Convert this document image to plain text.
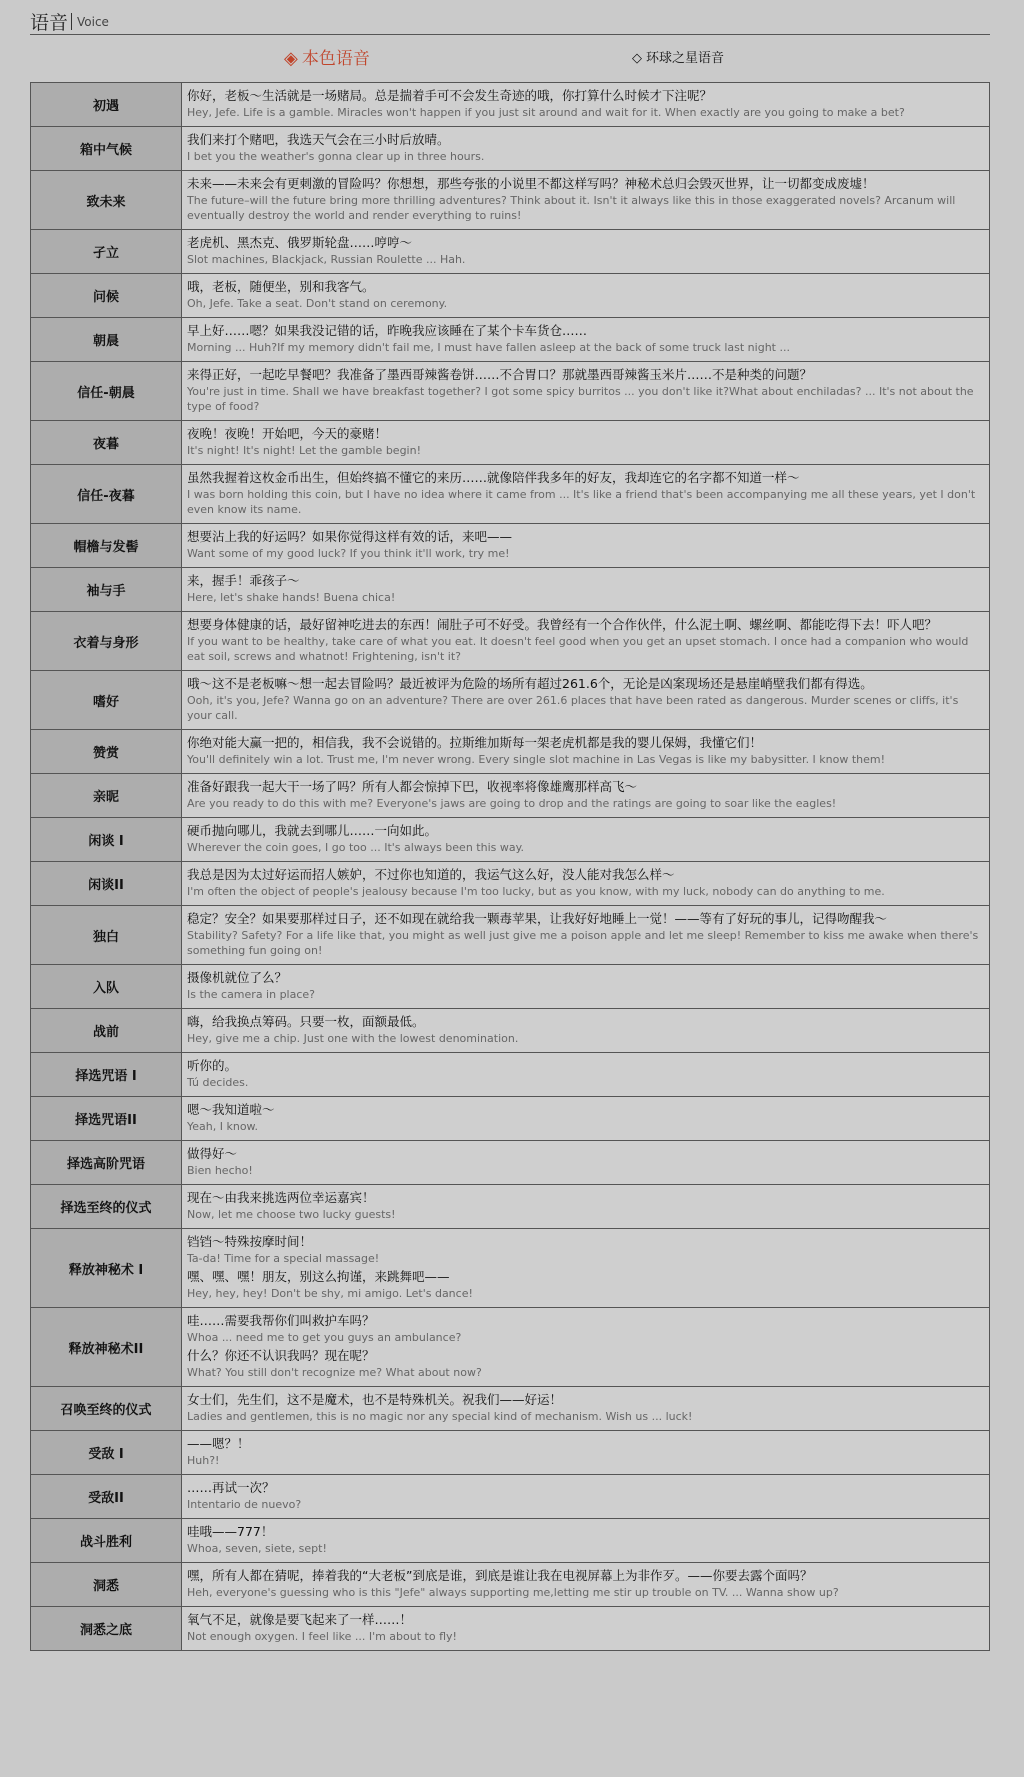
语音 Voice
◈ 本色语音	◇ 环球之星语音
初遇	你好，老板～生活就是一场赌局。总是揣着手可不会发生奇迹的哦，你打算什么时候才下注呢？
Hey, Jefe. Life is a gamble. Miracles won't happen if you just sit around and wait for it. When exactly are you going to make a bet?

箱中气候	我们来打个赌吧，我选天气会在三小时后放晴。
I bet you the weather's gonna clear up in three hours.

致未来	未来——未来会有更刺激的冒险吗？你想想，那些夸张的小说里不都这样写吗？神秘术总归会毁灭世界，让一切都变成废墟！
The future–will the future bring more thrilling adventures? Think about it. Isn't it always like this in those exaggerated novels? Arcanum will eventually destroy the world and render everything to ruins!

孑立	老虎机、黑杰克、俄罗斯轮盘……哼哼～
Slot machines, Blackjack, Russian Roulette ... Hah.

问候	哦，老板，随便坐，别和我客气。
Oh, Jefe. Take a seat. Don't stand on ceremony.

朝晨	早上好……嗯？如果我没记错的话，昨晚我应该睡在了某个卡车货仓……
Morning ... Huh?If my memory didn't fail me, I must have fallen asleep at the back of some truck last night ...

信任-朝晨	来得正好，一起吃早餐吧？我准备了墨西哥辣酱卷饼……不合胃口？那就墨西哥辣酱玉米片……不是种类的问题？
You're just in time. Shall we have breakfast together? I got some spicy burritos ... you don't like it?What about enchiladas? ... It's not about the type of food?

夜暮	夜晚！夜晚！开始吧，今天的豪赌！
It's night! It's night! Let the gamble begin!

信任-夜暮	虽然我握着这枚金币出生，但始终搞不懂它的来历……就像陪伴我多年的好友，我却连它的名字都不知道一样～
I was born holding this coin, but I have no idea where it came from ... It's like a friend that's been accompanying me all these years, yet I don't even know its name.

帽檐与发髻	想要沾上我的好运吗？如果你觉得这样有效的话，来吧——
Want some of my good luck? If you think it'll work, try me!

袖与手	来，握手！乖孩子～
Here, let's shake hands! Buena chica!

衣着与身形	想要身体健康的话，最好留神吃进去的东西！闹肚子可不好受。我曾经有一个合作伙伴，什么泥土啊、螺丝啊、都能吃得下去！吓人吧？
If you want to be healthy, take care of what you eat. It doesn't feel good when you get an upset stomach. I once had a companion who would eat soil, screws and whatnot! Frightening, isn't it?

嗜好	哦～这不是老板嘛～想一起去冒险吗？最近被评为危险的场所有超过261.6个，无论是凶案现场还是悬崖峭壁我们都有得选。
Ooh, it's you, Jefe? Wanna go on an adventure? There are over 261.6 places that have been rated as dangerous. Murder scenes or cliffs, it's your call.

赞赏	你绝对能大赢一把的，相信我，我不会说错的。拉斯维加斯每一架老虎机都是我的婴儿保姆，我懂它们！
You'll definitely win a lot. Trust me, I'm never wrong. Every single slot machine in Las Vegas is like my babysitter. I know them!

亲昵	准备好跟我一起大干一场了吗？所有人都会惊掉下巴，收视率将像雄鹰那样高飞～
Are you ready to do this with me? Everyone's jaws are going to drop and the ratings are going to soar like the eagles!

闲谈 I	硬币抛向哪儿，我就去到哪儿……一向如此。
Wherever the coin goes, I go too ... It's always been this way.

闲谈II	我总是因为太过好运而招人嫉妒，不过你也知道的，我运气这么好，没人能对我怎么样～
I'm often the object of people's jealousy because I'm too lucky, but as you know, with my luck, nobody can do anything to me.

独白	稳定？安全？如果要那样过日子，还不如现在就给我一颗毒苹果，让我好好地睡上一觉！——等有了好玩的事儿，记得吻醒我～
Stability? Safety? For a life like that, you might as well just give me a poison apple and let me sleep! Remember to kiss me awake when there's something fun going on!

入队	摄像机就位了么？
Is the camera in place?

战前	嗨，给我换点筹码。只要一枚，面额最低。
Hey, give me a chip. Just one with the lowest denomination.

择选咒语 I	听你的。
Tú decides.

择选咒语II	嗯～我知道啦～
Yeah, I know.

择选高阶咒语	做得好～
Bien hecho!

择选至终的仪式	现在～由我来挑选两位幸运嘉宾！
Now, let me choose two lucky guests!

释放神秘术 I	铛铛～特殊按摩时间！
Ta-da! Time for a special massage!
嘿、嘿、嘿！朋友，别这么拘谨，来跳舞吧——
Hey, hey, hey! Don't be shy, mi amigo. Let's dance!

释放神秘术II	哇……需要我帮你们叫救护车吗？
Whoa ... need me to get you guys an ambulance?
什么？你还不认识我吗？现在呢？
What? You still don't recognize me? What about now?

召唤至终的仪式	女士们，先生们，这不是魔术，也不是特殊机关。祝我们——好运！
Ladies and gentlemen, this is no magic nor any special kind of mechanism. Wish us ... luck!

受敌 I	——嗯？！
Huh?!

受敌II	……再试一次？
Intentario de nuevo?

战斗胜利	哇哦——777！
Whoa, seven, siete, sept!

洞悉	嘿，所有人都在猜呢，捧着我的“大老板”到底是谁，到底是谁让我在电视屏幕上为非作歹。——你要去露个面吗？
Heh, everyone's guessing who is this "Jefe" always supporting me,letting me stir up trouble on TV. ... Wanna show up?

洞悉之底	氧气不足，就像是要飞起来了一样……！
Not enough oxygen. I feel like ... I'm about to fly!
